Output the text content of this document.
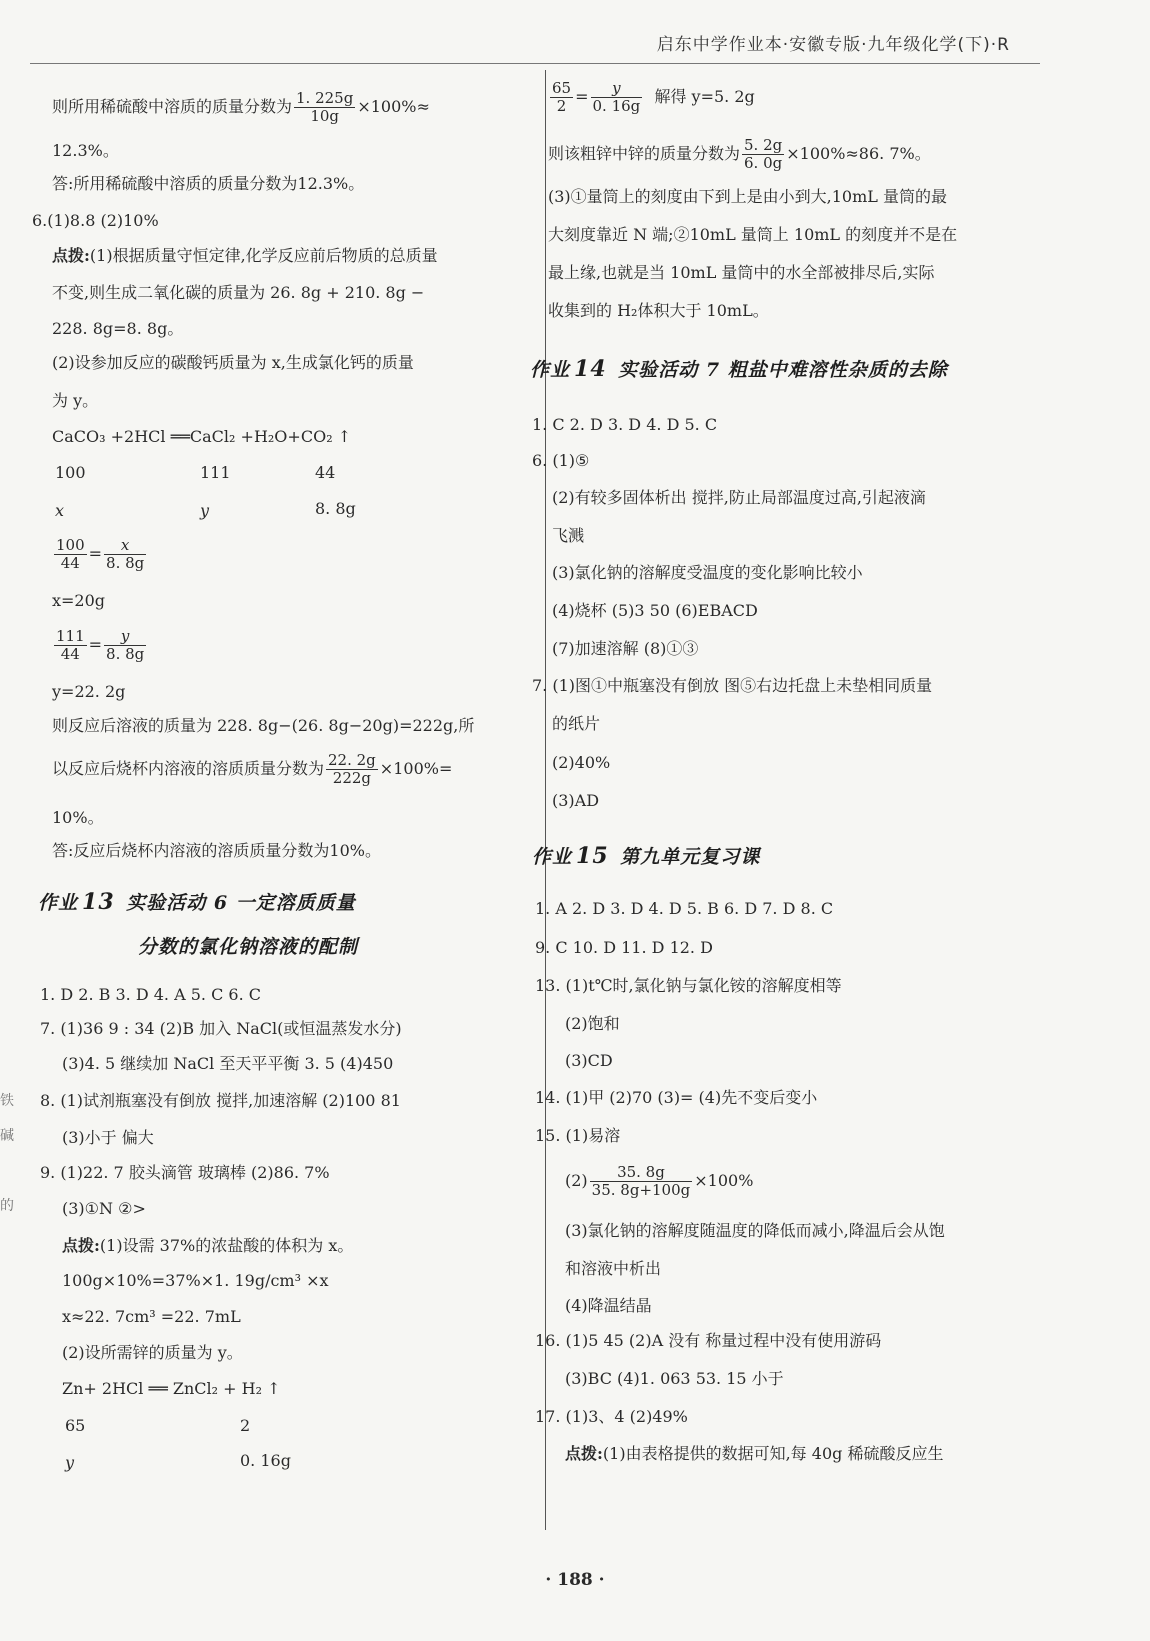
启东中学作业本·安徽专版·九年级化学(下)·R
铁
碱
的
则所用稀硫酸中溶质的质量分数为 $\frac{1. 225g}{10g} \times 100\%\approx$
12.3%。
答:所用稀硫酸中溶质的质量分数为12.3%。
6.(1)8.8 (2)10%
点拨:(1)根据质量守恒定律,化学反应前后物质的总质量
不变,则生成二氧化碳的质量为 26. 8g + 210. 8g −
228. 8g=8. 8g。
(2)设参加反应的碳酸钙质量为 x,生成氯化钙的质量
为 y。
CaCO₃ +2HCl ══CaCl₂ +H₂O+CO₂ ↑
100	111	44
x	y	8. 8g
$\frac{100}{44} = \frac{x}{8. 8g}$
x=20g
$\frac{111}{44} = \frac{y}{8. 8g}$
y=22. 2g
则反应后溶液的质量为 228. 8g−(26. 8g−20g)=222g,所
以反应后烧杯内溶液的溶质质量分数为 $\frac{22. 2g}{222g} \times 100\%=$
10%。
答:反应后烧杯内溶液的溶质质量分数为10%。
作业 13 实验活动 6 一定溶质质量
分数的氯化钠溶液的配制
1. D 2. B 3. D 4. A 5. C 6. C
7. (1)36 9 : 34 (2)B 加入 NaCl(或恒温蒸发水分)
(3)4. 5 继续加 NaCl 至天平平衡 3. 5 (4)450
8. (1)试剂瓶塞没有倒放 搅拌,加速溶解 (2)100 81
(3)小于 偏大
9. (1)22. 7 胶头滴管 玻璃棒 (2)86. 7%
(3)①N ②>
点拨:(1)设需 37%的浓盐酸的体积为 x。
100g×10%=37%×1. 19g/cm³ ×x
x≈22. 7cm³ =22. 7mL
(2)设所需锌的质量为 y。
Zn+ 2HCl ══ ZnCl₂ + H₂ ↑
65	2
y	0. 16g
$\frac{65}{2} = \frac{y}{0. 16g}$ 解得 y=5. 2g
则该粗锌中锌的质量分数为 $\frac{5. 2g}{6. 0g} \times 100\%\approx 86$. 7%。
(3)①量筒上的刻度由下到上是由小到大,10mL 量筒的最
大刻度靠近 N 端;②10mL 量筒上 10mL 的刻度并不是在
最上缘,也就是当 10mL 量筒中的水全部被排尽后,实际
收集到的 H₂体积大于 10mL。
作业 14 实验活动 7 粗盐中难溶性杂质的去除
1. C 2. D 3. D 4. D 5. C
6. (1)⑤
(2)有较多固体析出 搅拌,防止局部温度过高,引起液滴
飞溅
(3)氯化钠的溶解度受温度的变化影响比较小
(4)烧杯 (5)3 50 (6)EBACD
(7)加速溶解 (8)①③
7. (1)图①中瓶塞没有倒放 图⑤右边托盘上未垫相同质量
的纸片
(2)40%
(3)AD
作业 15 第九单元复习课
1. A 2. D 3. D 4. D 5. B 6. D 7. D 8. C
9. C 10. D 11. D 12. D
13. (1)t℃时,氯化钠与氯化铵的溶解度相等
(2)饱和
(3)CD
14. (1)甲 (2)70 (3)= (4)先不变后变小
15. (1)易溶
$(2) \frac{35. 8g}{35. 8g+100g} \times 100\%$
(3)氯化钠的溶解度随温度的降低而减小,降温后会从饱
和溶液中析出
(4)降温结晶
16. (1)5 45 (2)A 没有 称量过程中没有使用游码
(3)BC (4)1. 063 53. 15 小于
17. (1)3、4 (2)49%
点拨:(1)由表格提供的数据可知,每 40g 稀硫酸反应生
· 188 ·
